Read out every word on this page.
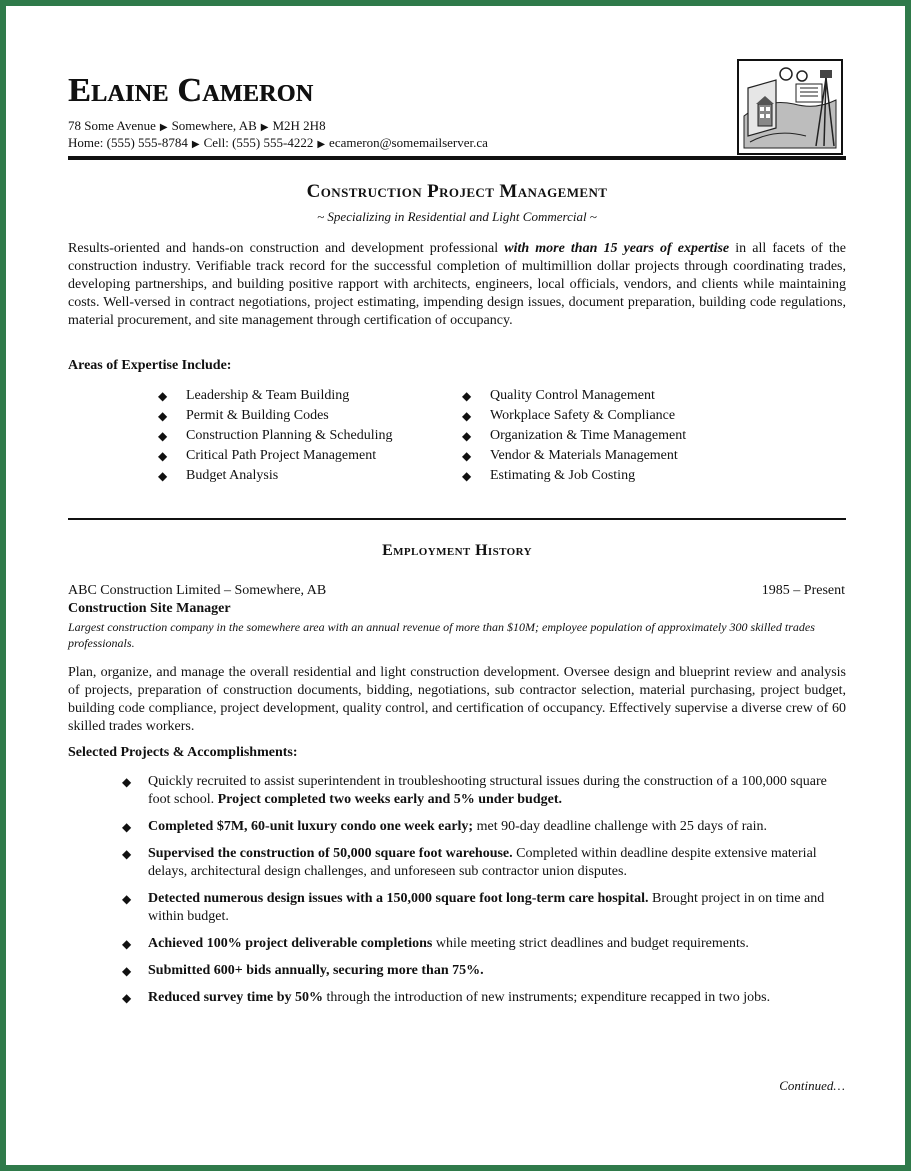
Elaine Cameron
78 Some Avenue ▶ Somewhere, AB ▶ M2H 2H8
Home: (555) 555-8784 ▶ Cell: (555) 555-4222 ▶ ecameron@somemailserver.ca
Construction Project Management
~ Specializing in Residential and Light Commercial ~
Results-oriented and hands-on construction and development professional with more than 15 years of expertise in all facets of the construction industry. Verifiable track record for the successful completion of multimillion dollar projects through coordinating trades, developing partnerships, and building positive rapport with architects, engineers, local officials, vendors, and clients while maintaining costs. Well-versed in contract negotiations, project estimating, impending design issues, document preparation, building code regulations, material procurement, and site management through certification of occupancy.
Areas of Expertise Include:
◆ Leadership & Team Building
◆ Permit & Building Codes
◆ Construction Planning & Scheduling
◆ Critical Path Project Management
◆ Budget Analysis
◆ Quality Control Management
◆ Workplace Safety & Compliance
◆ Organization & Time Management
◆ Vendor & Materials Management
◆ Estimating & Job Costing
Employment History
ABC Construction Limited – Somewhere, AB	1985 – Present
Construction Site Manager
Largest construction company in the somewhere area with an annual revenue of more than $10M; employee population of approximately 300 skilled trades professionals.
Plan, organize, and manage the overall residential and light construction development. Oversee design and blueprint review and analysis of projects, preparation of construction documents, bidding, negotiations, sub contractor selection, material purchasing, project budget, building code compliance, project development, quality control, and certification of occupancy. Effectively supervise a diverse crew of 60 skilled trades workers.
Selected Projects & Accomplishments:
◆ Quickly recruited to assist superintendent in troubleshooting structural issues during the construction of a 100,000 square foot school. Project completed two weeks early and 5% under budget.
◆ Completed $7M, 60-unit luxury condo one week early; met 90-day deadline challenge with 25 days of rain.
◆ Supervised the construction of 50,000 square foot warehouse. Completed within deadline despite extensive material delays, architectural design challenges, and unforeseen sub contractor union disputes.
◆ Detected numerous design issues with a 150,000 square foot long-term care hospital. Brought project in on time and within budget.
◆ Achieved 100% project deliverable completions while meeting strict deadlines and budget requirements.
◆ Submitted 600+ bids annually, securing more than 75%.
◆ Reduced survey time by 50% through the introduction of new instruments; expenditure recapped in two jobs.
Continued…
